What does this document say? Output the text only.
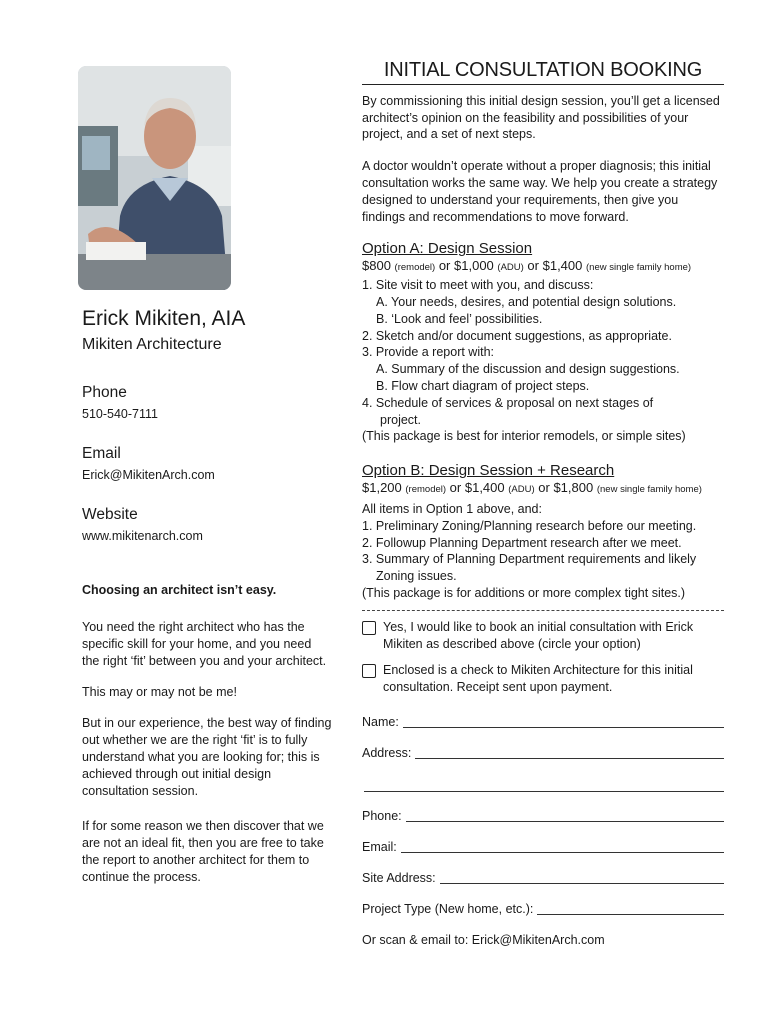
Erick Mikiten, AIA
Mikiten Architecture
Phone
510-540-7111
Email
Erick@MikitenArch.com
Website
www.mikitenarch.com
Choosing an architect isn’t easy.

You need the right architect who has the specific skill for your home, and you need the right ‘fit’ between you and your architect.

This may or may not be me!

But in our experience, the best way of finding out whether we are the right ‘fit’ is to fully understand what you are looking for; this is achieved through out initial design consultation session.

If for some reason we then discover that we are not an ideal fit, then you are free to take the report to another architect for them to continue the process.

INITIAL CONSULTATION BOOKING

By commissioning this initial design session, you’ll get a licensed architect’s opinion on the feasibility and possibilities of your project, and a set of next steps.

A doctor wouldn’t operate without a proper diagnosis; this initial consultation works the same way. We help you create a strategy designed to understand your requirements, then give you findings and recommendations to move forward.

Option A: Design Session
$800 (remodel) or $1,000 (ADU) or $1,400 (new single family home)
1. Site visit to meet with you, and discuss:
A. Your needs, desires, and potential design solutions.
B. ‘Look and feel’ possibilities.
2. Sketch and/or document suggestions, as appropriate.
3. Provide a report with:
A. Summary of the discussion and design suggestions.
B. Flow chart diagram of project steps.
4. Schedule of services & proposal on next stages of
project.
(This package is best for interior remodels, or simple sites)
Option B: Design Session + Research
$1,200 (remodel) or $1,400 (ADU) or $1,800 (new single family home)
All items in Option 1 above, and:
1. Preliminary Zoning/Planning research before our meeting.
2. Followup Planning Department research after we meet.
3. Summary of Planning Department requirements and likely
Zoning issues.
(This package is for additions or more complex tight sites.)
Yes, I would like to book an initial consultation with Erick Mikiten as described above (circle your option)
Enclosed is a check to Mikiten Architecture for this initial consultation. Receipt sent upon payment.
Name:
Address:
Phone:
Email:
Site Address:
Project Type (New home, etc.):
Or scan & email to: Erick@MikitenArch.com
